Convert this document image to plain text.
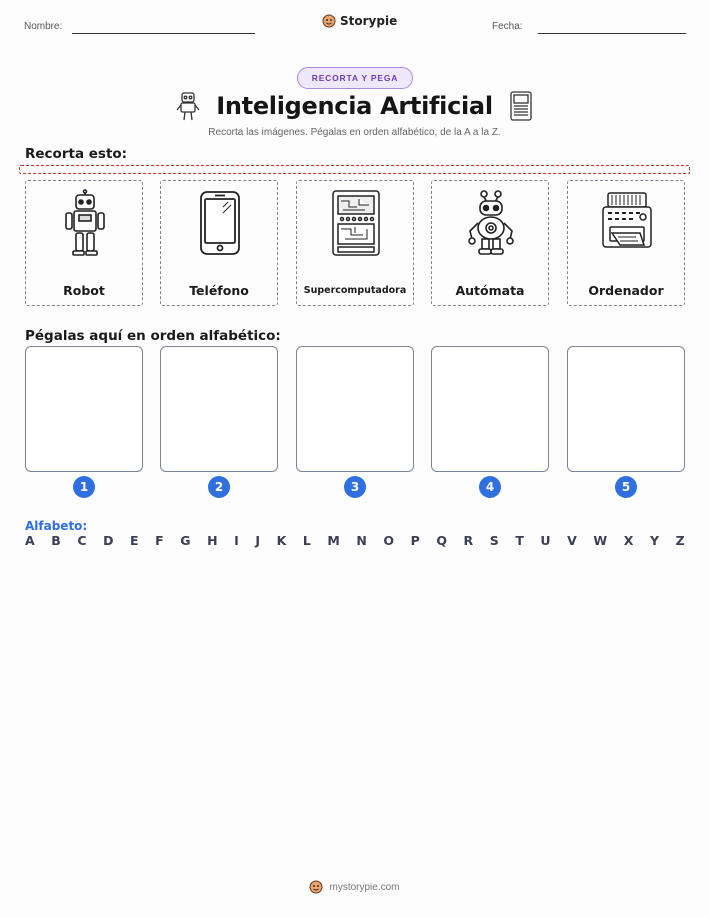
Nombre:	Storypie	Fecha:
RECORTA Y PEGA
Inteligencia Artificial
Recorta las imágenes. Pégalas en orden alfabético, de la A a la Z.
Recorta esto:
Robot	Teléfono	Supercomputadora	Autómata	Ordenador
Pégalas aquí en orden alfabético:
1	2	3	4	5
Alfabeto:
A B C D E F G H I J K L M N O P Q R S T U V W X Y Z
mystorypie.com
